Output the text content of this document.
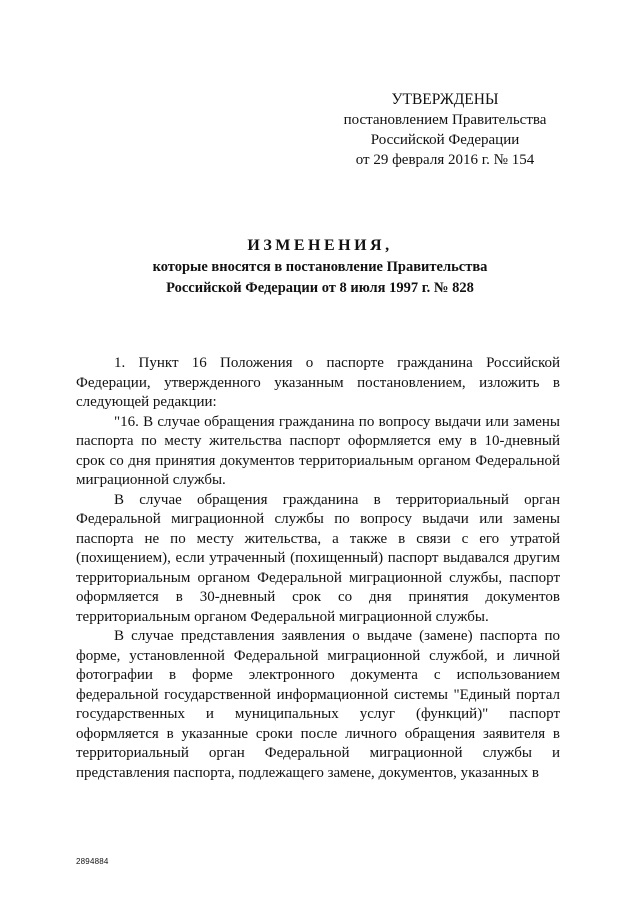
УТВЕРЖДЕНЫ
постановлением Правительства
Российской Федерации
от 29 февраля 2016 г. № 154
ИЗМЕНЕНИЯ,
которые вносятся в постановление Правительства
Российской Федерации от 8 июля 1997 г. № 828

1. Пункт 16 Положения о паспорте гражданина Российской Федерации, утвержденного указанным постановлением, изложить в следующей редакции:

"16. В случае обращения гражданина по вопросу выдачи или замены паспорта по месту жительства паспорт оформляется ему в 10-дневный срок со дня принятия документов территориальным органом Федеральной миграционной службы.

В случае обращения гражданина в территориальный орган Федеральной миграционной службы по вопросу выдачи или замены паспорта не по месту жительства, а также в связи с его утратой (похищением), если утраченный (похищенный) паспорт выдавался другим территориальным органом Федеральной миграционной службы, паспорт оформляется в 30-дневный срок со дня принятия документов территориальным органом Федеральной миграционной службы.

В случае представления заявления о выдаче (замене) паспорта по форме, установленной Федеральной миграционной службой, и личной фотографии в форме электронного документа с использованием федеральной государственной информационной системы "Единый портал государственных и муниципальных услуг (функций)" паспорт оформляется в указанные сроки после личного обращения заявителя в территориальный орган Федеральной миграционной службы и представления паспорта, подлежащего замене, документов, указанных в

2894884
